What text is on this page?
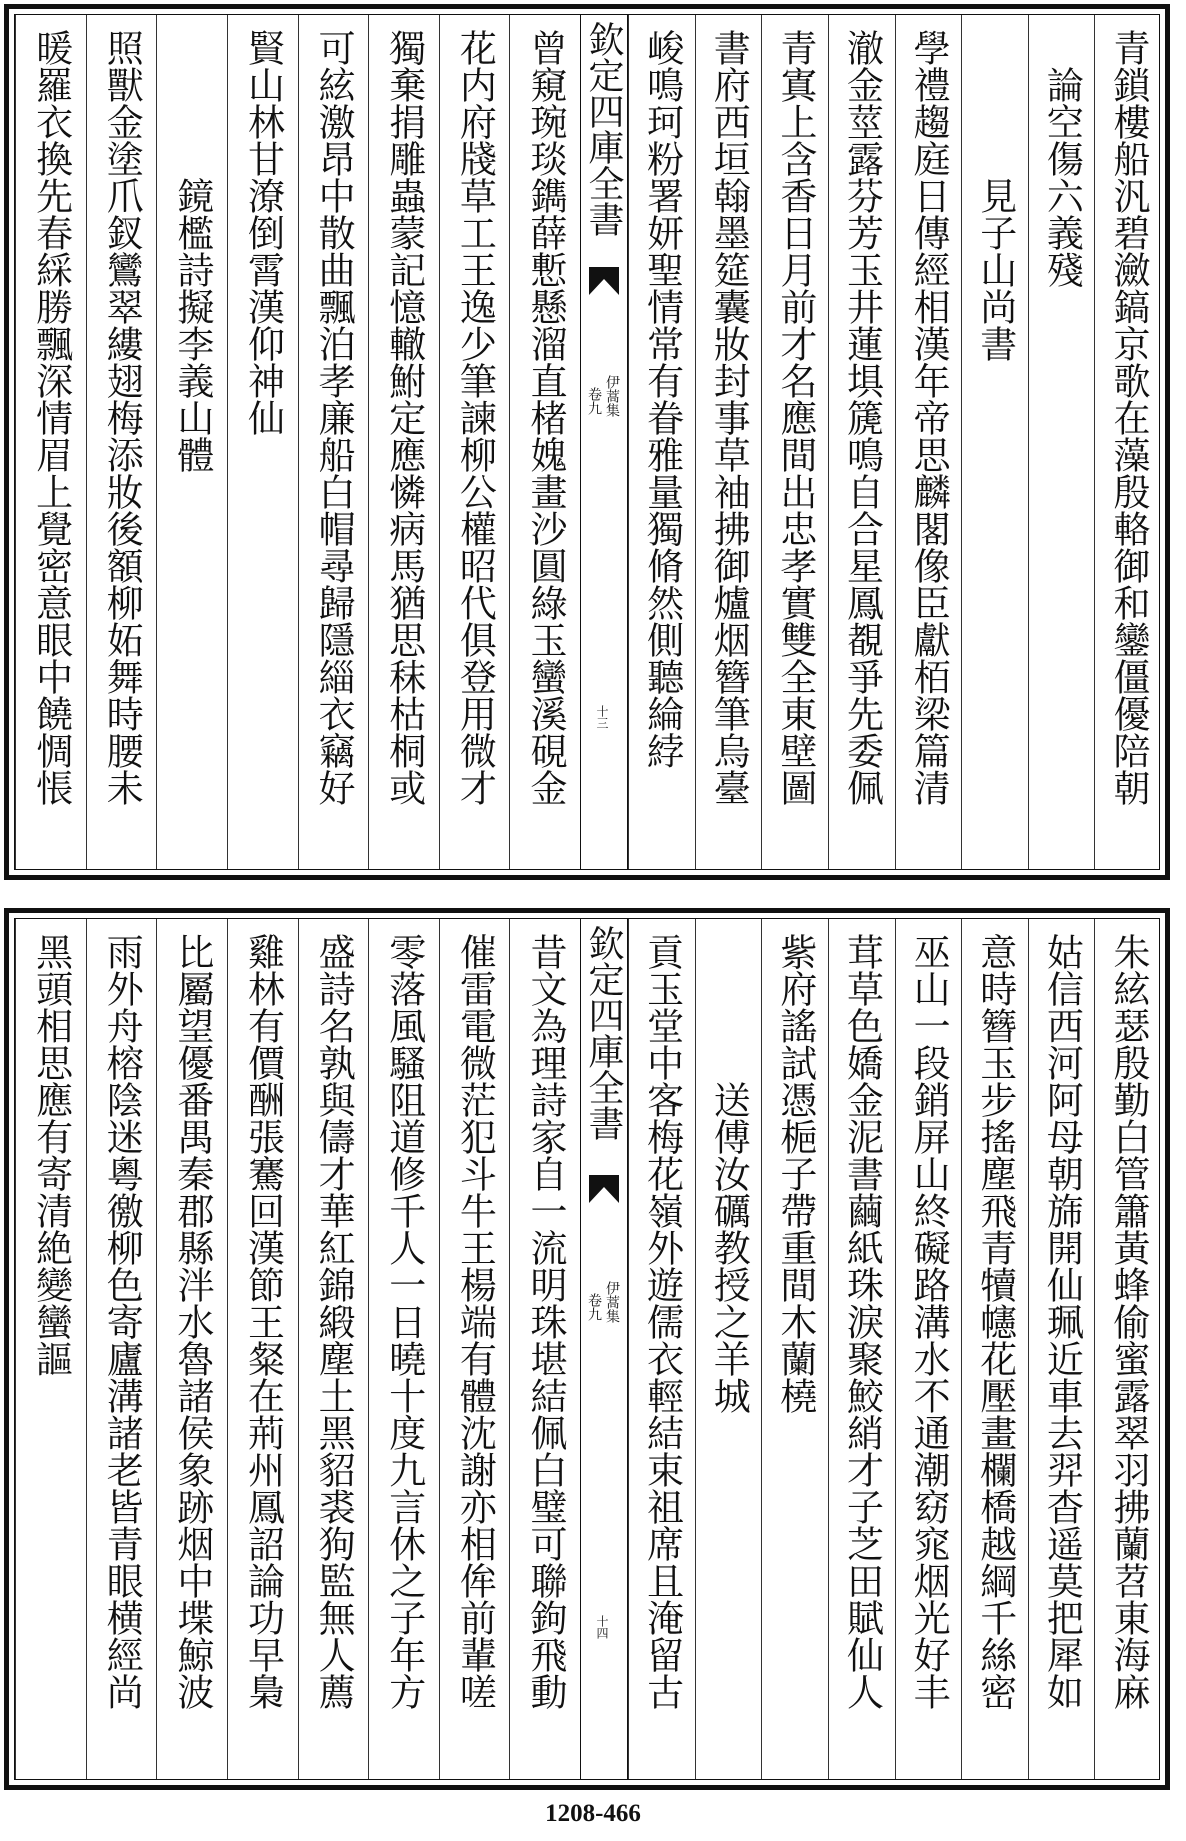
青鎖樓船汎碧瀲鎬京歌在藻殷輅御和鑾僵優陪朝
　論空傷六義殘
　　　　見子山尚書
學禮趨庭日傳經相漢年帝思麟閣像臣獻栢梁篇清
澈金莖露芬芳玉井蓮埧篪鳴自合星鳳覩爭先委佩
青寘上含香日月前才名應間出忠孝實雙全東壁圖
書府西垣翰墨筵囊妝封事草袖拂御爐烟簪筆烏臺
峻鳴珂粉署妍聖情常有眷雅量獨脩然側聽綸綍
曾窺琬琰鐫薛慙懸溜直楮媿畫沙圓綠玉蠻溪硯金
花内府牋草工王逸少筆諫柳公權昭代俱登用微才
獨棄捐雕蟲蒙記憶轍鮒定應憐病馬猶思秣枯桐或
可絃激昂中散曲飄泊孝廉船白帽尋歸隱緇衣竊好
賢山林甘潦倒霄漢仰神仙
　　　　鏡檻詩擬李義山體
照獸金塗爪釵鸞翠縷翅梅添妝後額柳妬舞時腰未
暖羅衣換先春綵勝飄深情眉上覺密意眼中饒惆悵	欽定四庫全書
伊蒿集
卷九
十三
朱絃瑟殷勤白管簫黃蜂偷蜜露翠羽拂蘭苕東海麻
姑信西河阿母朝旆開仙珮近車去羿杳遥莫把犀如
意時簪玉步搖塵飛青犢幰花壓畫欄橋越綱千絲密
巫山一段銷屏山終礙路溝水不通潮窈窕烟光好丰
茸草色嬌金泥書繭紙珠淚聚鮫綃才子芝田賦仙人
紫府謠試憑梔子帶重間木蘭橈
　　　　送傅汝礪教授之羊城
貢玉堂中客梅花嶺外遊儒衣輕結束祖席且淹留古
昔文為理詩家自一流明珠堪結佩白璧可聯鉤飛動
催雷電微茫犯斗牛王楊端有體沈謝亦相侔前輩嗟
零落風騷阻道修千人一日曉十度九言休之子年方
盛詩名孰與儔才華紅錦緞塵土黑貂裘狗監無人薦
雞林有價酬張騫回漢節王粲在荊州鳳詔論功早梟
比屬望優番禺秦郡縣泮水魯諸侯象跡烟中堞鯨波
雨外舟榕陰迷粵徼柳色寄廬溝諸老皆青眼横經尚
黑頭相思應有寄清絶變蠻謳	欽定四庫全書
伊蒿集
卷九
十四
1208-466
